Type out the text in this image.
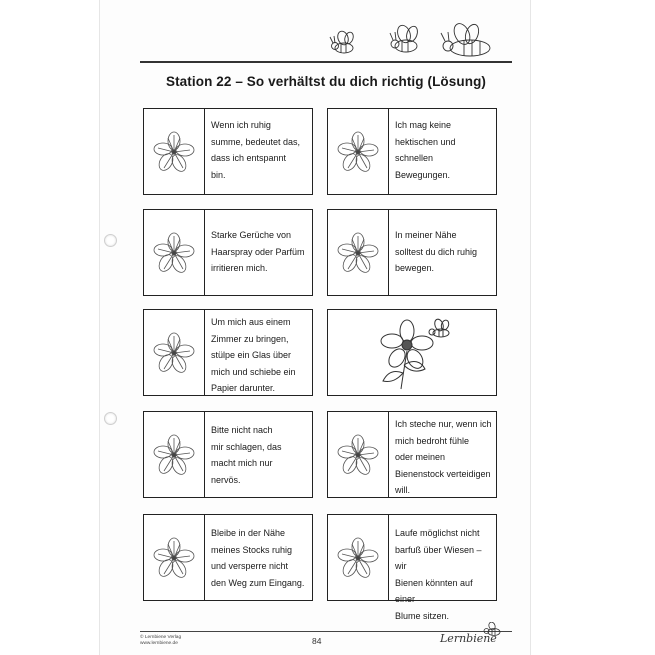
Station 22 – So verhältst du dich richtig (Lösung)
Wenn ich ruhig
summe, bedeutet das,
dass ich entspannt
bin.
Ich mag keine
hektischen und
schnellen
Bewegungen.
Starke Gerüche von
Haarspray oder Parfüm
irritieren mich.
In meiner Nähe
solltest du dich ruhig
bewegen.
Um mich aus einem
Zimmer zu bringen,
stülpe ein Glas über
mich und schiebe ein
Papier darunter.
Bitte nicht nach
mir schlagen, das
macht mich nur
nervös.
Ich steche nur, wenn ich
mich bedroht fühle
oder meinen
Bienenstock verteidigen
will.
Bleibe in der Nähe
meines Stocks ruhig
und versperre nicht
den Weg zum Eingang.
Laufe möglichst nicht
barfuß über Wiesen – wir
Bienen könnten auf einer
Blume sitzen.
© Lernbiene Verlag
www.lernbiene.de	84	Lernbiene
